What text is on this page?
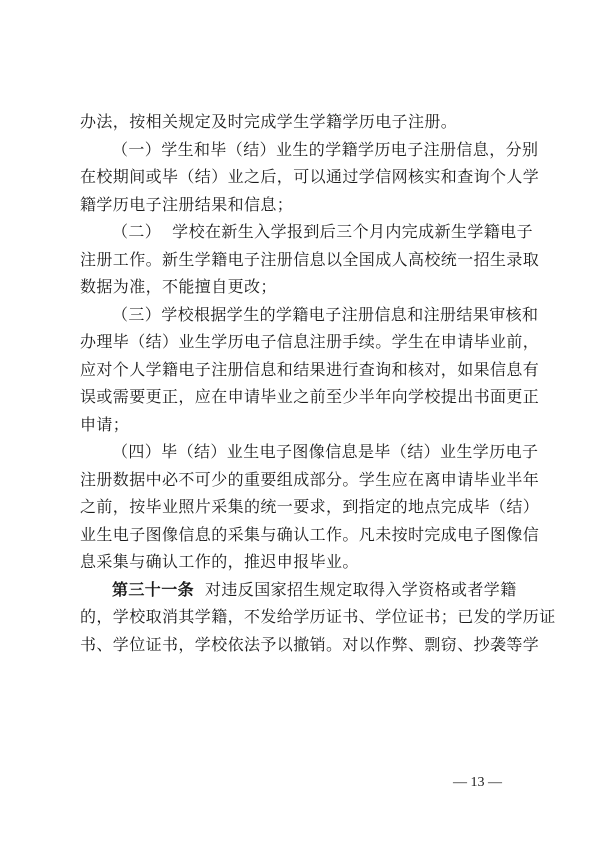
办法，按相关规定及时完成学生学籍学历电子注册。
（一）学生和毕（结）业生的学籍学历电子注册信息，分别
在校期间或毕（结）业之后，可以通过学信网核实和查询个人学
籍学历电子注册结果和信息；
（二）  学校在新生入学报到后三个月内完成新生学籍电子
注册工作。新生学籍电子注册信息以全国成人高校统一招生录取
数据为准，不能擅自更改；
（三）学校根据学生的学籍电子注册信息和注册结果审核和
办理毕（结）业生学历电子信息注册手续。学生在申请毕业前，
应对个人学籍电子注册信息和结果进行查询和核对，如果信息有
误或需要更正，应在申请毕业之前至少半年向学校提出书面更正
申请；
（四）毕（结）业生电子图像信息是毕（结）业生学历电子
注册数据中必不可少的重要组成部分。学生应在离申请毕业半年
之前，按毕业照片采集的统一要求，到指定的地点完成毕（结）
业生电子图像信息的采集与确认工作。凡未按时完成电子图像信
息采集与确认工作的，推迟申报毕业。
第三十一条  对违反国家招生规定取得入学资格或者学籍
的，学校取消其学籍，不发给学历证书、学位证书；已发的学历证
书、学位证书，学校依法予以撤销。对以作弊、剽窃、抄袭等学
— 13 —
